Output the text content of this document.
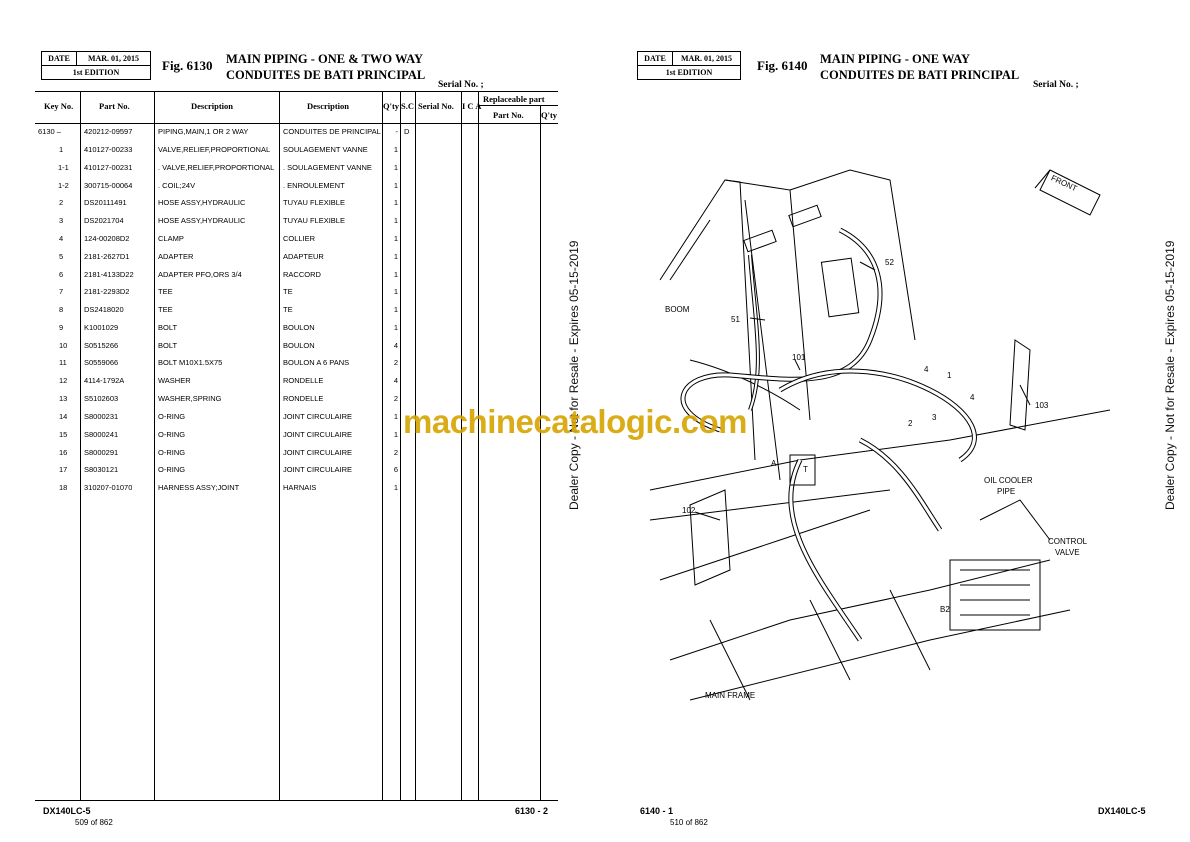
DATE	MAR. 01, 2015
1st EDITION	Fig. 6130 MAIN PIPING - ONE & TWO WAY
CONDUITES DE BATI PRINCIPAL
Serial No. ;
Key No.	Part No.	Description	Description	Q'ty S.C Serial No. I C A
Replaceable part
Part No. Q'ty
6130 –	420212-09597	PIPING,MAIN,1 OR 2 WAY	CONDUITES DE PRINCIPAL	- D
1	410127-00233	VALVE,RELIEF,PROPORTIONAL	SOULAGEMENT VANNE	1
1-1 410127-00231	. VALVE,RELIEF,PROPORTIONAL	. SOULAGEMENT VANNE	1
1-2 300715-00064	. COIL;24V	. ENROULEMENT	1
2	DS20111491	HOSE ASSY,HYDRAULIC	TUYAU FLEXIBLE	1
3	DS2021704	HOSE ASSY,HYDRAULIC	TUYAU FLEXIBLE	1
4	124-00208D2	CLAMP	COLLIER	1
5	2181-2627D1	ADAPTER	ADAPTEUR	1
6	2181-4133D22	ADAPTER PFO,ORS 3/4	RACCORD	1
7	2181-2293D2	TEE	TE	1
8	DS2418020	TEE	TE	1
9	K1001029	BOLT	BOULON	1
10 S0515266	BOLT	BOULON	4
11 S0559066	BOLT M10X1.5X75	BOULON A 6 PANS	2
12 4114-1792A	WASHER	RONDELLE	4
13 S5102603	WASHER,SPRING	RONDELLE	2
14 S8000231	O-RING	JOINT CIRCULAIRE	1
15 S8000241	O-RING	JOINT CIRCULAIRE	1
16 S8000291	O-RING	JOINT CIRCULAIRE	2
17 S8030121	O-RING	JOINT CIRCULAIRE	6
18 310207-01070	HARNESS ASSY;JOINT	HARNAIS	1
DX140LC-5	6130 - 2
509 of 862
Dealer Copy - Not for Resale - Expires 05-15-2019	Dealer Copy - Not for Resale - Expires 05-15-2019
DATE	MAR. 01, 2015
1st EDITION	Fig. 6140 MAIN PIPING - ONE WAY
CONDUITES DE BATI PRINCIPAL
Serial No. ;
FRONT
BOOM
OIL COOLER
PIPE
CONTROL
VALVE
MAIN FRAME
A
T
B2
51
52
101
102
103
1
2
3
4
4
6140 - 1	DX140LC-5
510 of 862
machinecatalogic.com
